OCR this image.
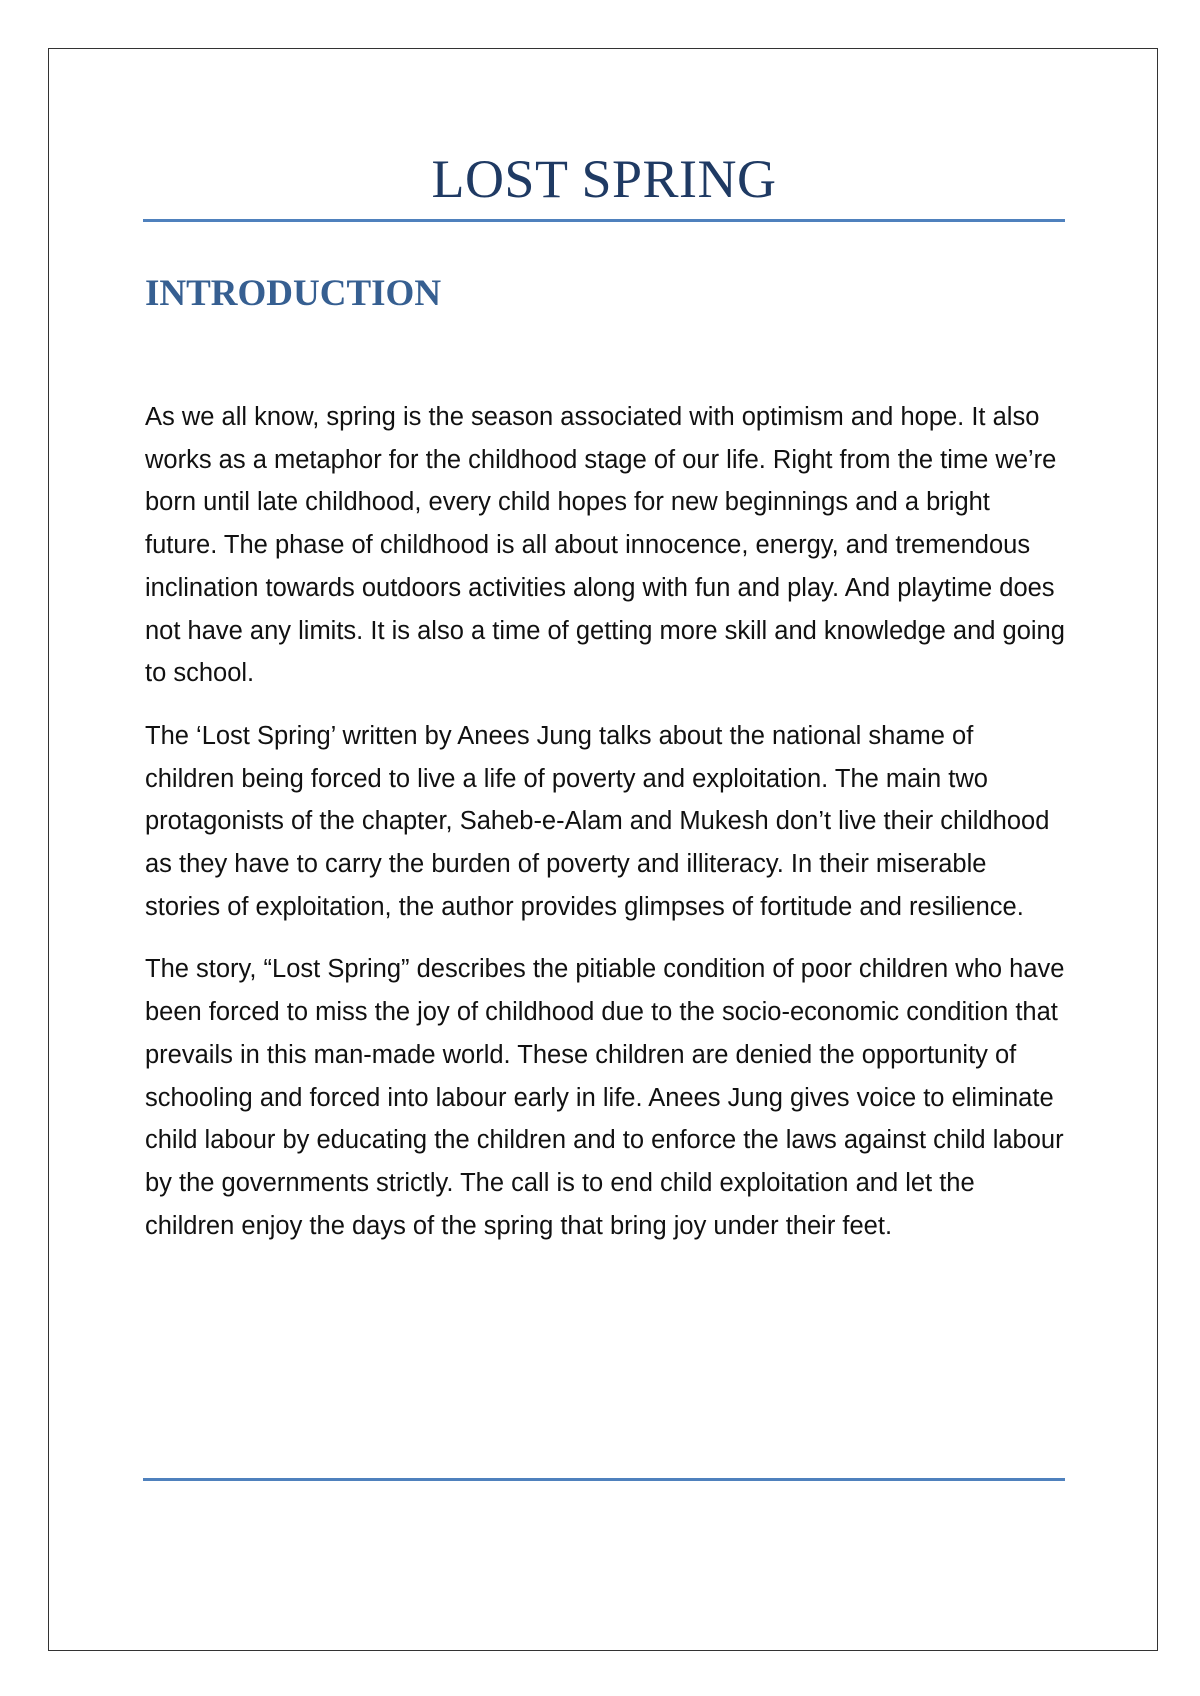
LOST SPRING
INTRODUCTION

As we all know, spring is the season associated with optimism and hope. It also works as a metaphor for the childhood stage of our life. Right from the time we’re born until late childhood, every child hopes for new beginnings and a bright future. The phase of childhood is all about innocence, energy, and tremendous inclination towards outdoors activities along with fun and play. And playtime does not have any limits. It is also a time of getting more skill and knowledge and going to school.

The ‘Lost Spring’ written by Anees Jung talks about the national shame of children being forced to live a life of poverty and exploitation. The main two protagonists of the chapter, Saheb-e-Alam and Mukesh don’t live their childhood as they have to carry the burden of poverty and illiteracy. In their miserable stories of exploitation, the author provides glimpses of fortitude and resilience.

The story, “Lost Spring” describes the pitiable condition of poor children who have been forced to miss the joy of childhood due to the socio-economic condition that prevails in this man-made world. These children are denied the opportunity of schooling and forced into labour early in life. Anees Jung gives voice to eliminate child labour by educating the children and to enforce the laws against child labour by the governments strictly. The call is to end child exploitation and let the children enjoy the days of the spring that bring joy under their feet.
